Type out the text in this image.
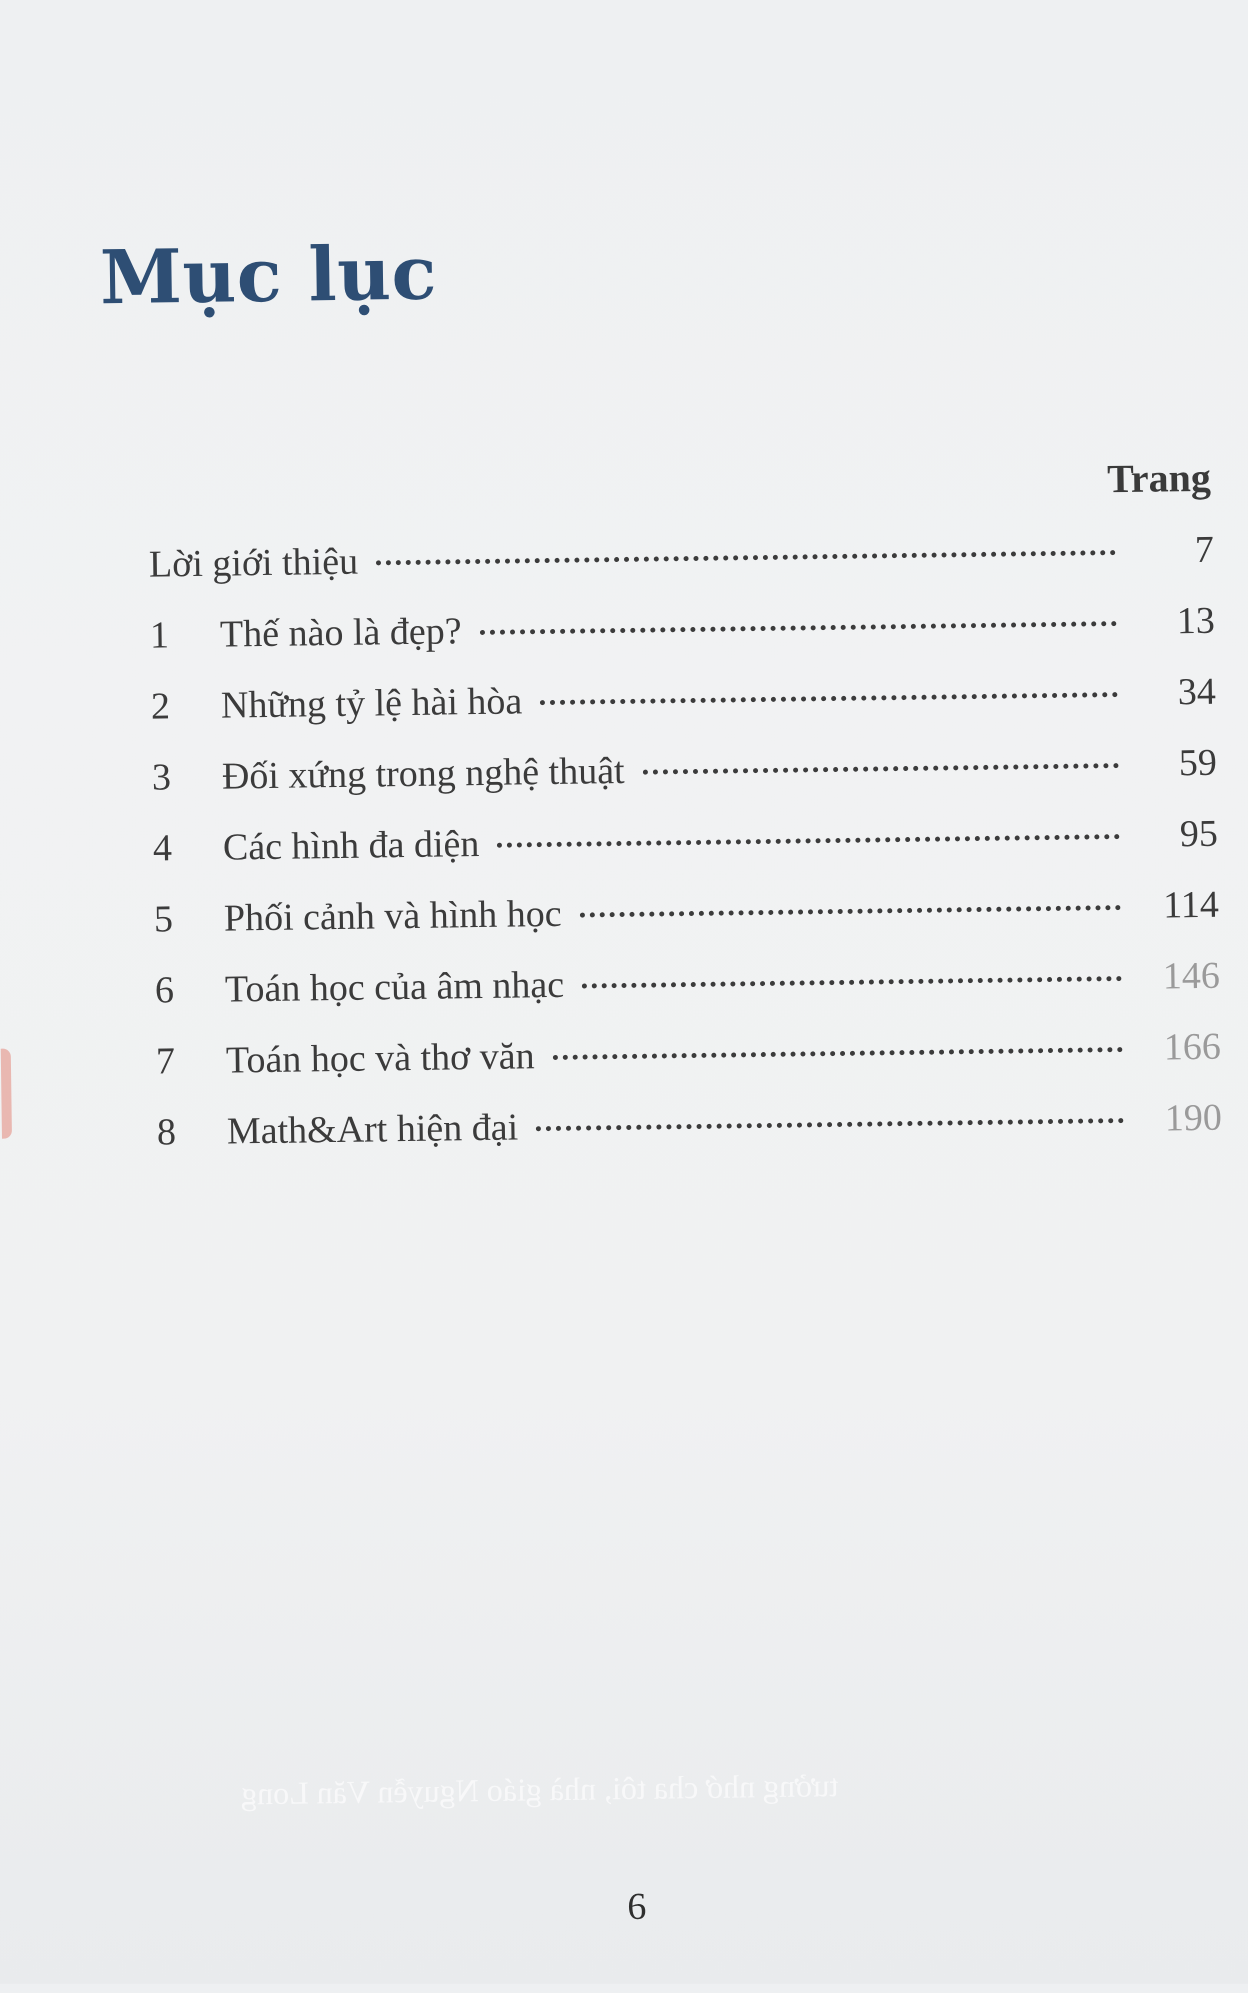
Mục lục
Trang
Lời giới thiệu	7
1	Thế nào là đẹp?	13
2	Những tỷ lệ hài hòa	34
3	Đối xứng trong nghệ thuật	59
4	Các hình đa diện	95
5	Phối cảnh và hình học	114
6	Toán học của âm nhạc	146
7	Toán học và thơ văn	166
8	Math&Art hiện đại	190
tưởng nhớ cha tôi, nhà giáo Nguyễn Văn Long
6
